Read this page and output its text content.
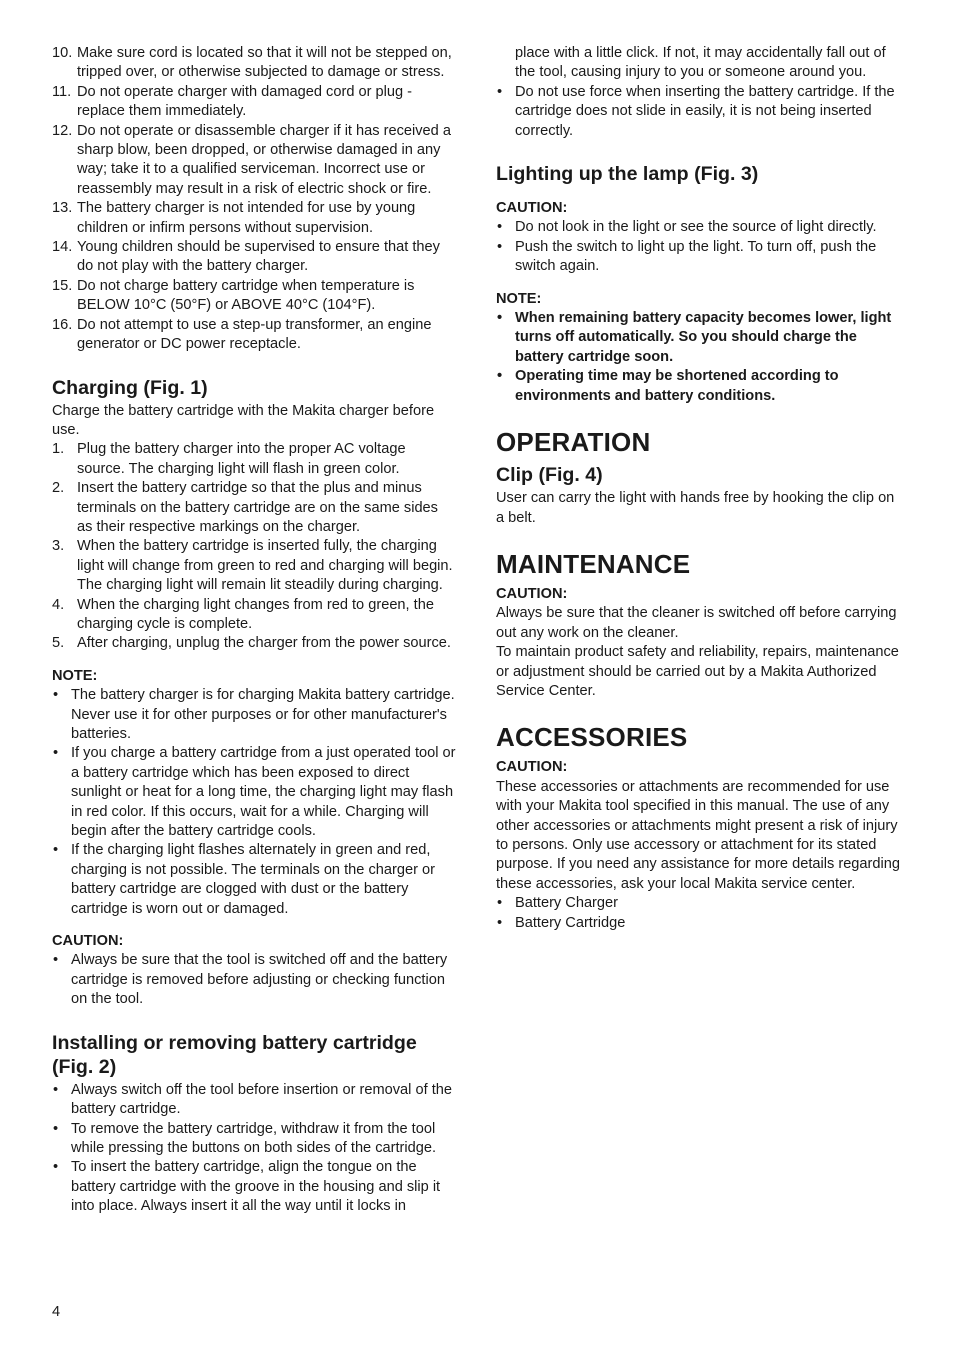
10. Make sure cord is located so that it will not be stepped on, tripped over, or otherwise subjected to damage or stress.
11. Do not operate charger with damaged cord or plug - replace them immediately.
12. Do not operate or disassemble charger if it has received a sharp blow, been dropped, or otherwise damaged in any way; take it to a qualified serviceman. Incorrect use or reassembly may result in a risk of electric shock or fire.
13. The battery charger is not intended for use by young children or infirm persons without supervision.
14. Young children should be supervised to ensure that they do not play with the battery charger.
15. Do not charge battery cartridge when temperature is BELOW 10°C (50°F) or ABOVE 40°C (104°F).
16. Do not attempt to use a step-up transformer, an engine generator or DC power receptacle.
Charging (Fig. 1)

Charge the battery cartridge with the Makita charger before use.

1. Plug the battery charger into the proper AC voltage source. The charging light will flash in green color.
2. Insert the battery cartridge so that the plus and minus terminals on the battery cartridge are on the same sides as their respective markings on the charger.
3. When the battery cartridge is inserted fully, the charging light will change from green to red and charging will begin. The charging light will remain lit steadily during charging.
4. When the charging light changes from red to green, the charging cycle is complete.
5. After charging, unplug the charger from the power source.
NOTE:
• The battery charger is for charging Makita battery cartridge. Never use it for other purposes or for other manufacturer's batteries.
• If you charge a battery cartridge from a just operated tool or a battery cartridge which has been exposed to direct sunlight or heat for a long time, the charging light may flash in red color. If this occurs, wait for a while. Charging will begin after the battery cartridge cools.
• If the charging light flashes alternately in green and red, charging is not possible. The terminals on the charger or battery cartridge are clogged with dust or the battery cartridge is worn out or damaged.
CAUTION:
• Always be sure that the tool is switched off and the battery cartridge is removed before adjusting or checking function on the tool.
Installing or removing battery cartridge (Fig. 2)
• Always switch off the tool before insertion or removal of the battery cartridge.
• To remove the battery cartridge, withdraw it from the tool while pressing the buttons on both sides of the cartridge.
• To insert the battery cartridge, align the tongue on the battery cartridge with the groove in the housing and slip it into place. Always insert it all the way until it locks in
place with a little click. If not, it may accidentally fall out of the tool, causing injury to you or someone around you.
• Do not use force when inserting the battery cartridge. If the cartridge does not slide in easily, it is not being inserted correctly.
Lighting up the lamp (Fig. 3)
CAUTION:
• Do not look in the light or see the source of light directly.
• Push the switch to light up the light. To turn off, push the switch again.
NOTE:
• When remaining battery capacity becomes lower, light turns off automatically. So you should charge the battery cartridge soon.
• Operating time may be shortened according to environments and battery conditions.
OPERATION
Clip (Fig. 4)

User can carry the light with hands free by hooking the clip on a belt.

MAINTENANCE
CAUTION:

Always be sure that the cleaner is switched off before carrying out any work on the cleaner.

To maintain product safety and reliability, repairs, maintenance or adjustment should be carried out by a Makita Authorized Service Center.

ACCESSORIES
CAUTION:

These accessories or attachments are recommended for use with your Makita tool specified in this manual. The use of any other accessories or attachments might present a risk of injury to persons. Only use accessory or attachment for its stated purpose. If you need any assistance for more details regarding these accessories, ask your local Makita service center.

• Battery Charger
• Battery Cartridge
4
